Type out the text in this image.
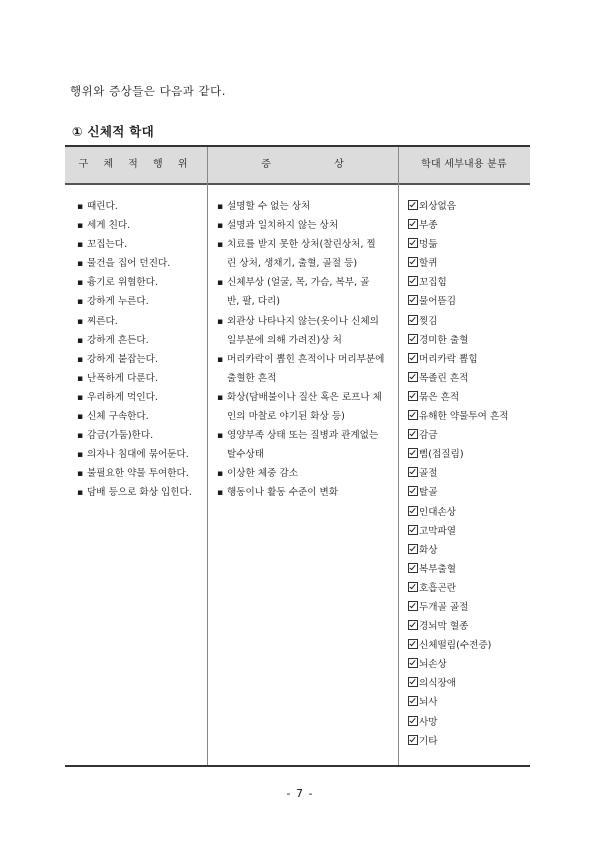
행위와 증상들은 다음과 같다.
① 신체적 학대
구 체 적 행 위	증 상	학대 세부내용 분류
▪ 때린다.
▪ 세게 친다.
▪ 꼬집는다.
▪ 물건을 집어 던진다.
▪ 흉기로 위협한다.
▪ 강하게 누른다.
▪ 찌른다.
▪ 강하게 흔든다.
▪ 강하게 붙잡는다.
▪ 난폭하게 다룬다.
▪ 우리하게 먹인다.
▪ 신체 구속한다.
▪ 감금(가둠)한다.
▪ 의자나 침대에 묶어둔다.
▪ 불필요한 약물 투여한다.
▪ 담배 등으로 화상 입힌다.
▪ 설명할 수 없는 상처
▪ 설명과 일치하지 않는 상처
▪ 치료를 받지 못한 상처(찰린상처, 찔
린 상처, 생채기, 출혈, 골절 등)
▪ 신체부상 (얼굴, 목, 가슴, 복부, 골
반, 팔, 다리)
▪ 외관상 나타나지 않는(옷이나 신체의
일부분에 의해 가려진)상 처
▪ 머리카락이 뽑힌 흔적이나 머리부분에
출혈한 흔적
▪ 화상(담배불이나 질산 혹은 로프나 체
인의 마찰로 야기된 화상 등)
▪ 영양부족 상태 또는 질병과 관계없는
탈수상태
▪ 이상한 체중 감소
▪ 행동이나 활동 수준이 변화
외상없음
부종
멍듦
할퀴
꼬집힘
물어뜯김
찢김
경미한 출혈
머리카락 뽑힘
목졸린 흔적
묶은 흔적
유해한 약물투여 흔적
감금
삠(접질림)
골절
탈골
인대손상
고막파열
화상
복부출혈
호흡곤란
두개골 골절
경뇌막 혈종
신체떨림(수전증)
뇌손상
의식장애
뇌사
사망
기타
- 7 -
